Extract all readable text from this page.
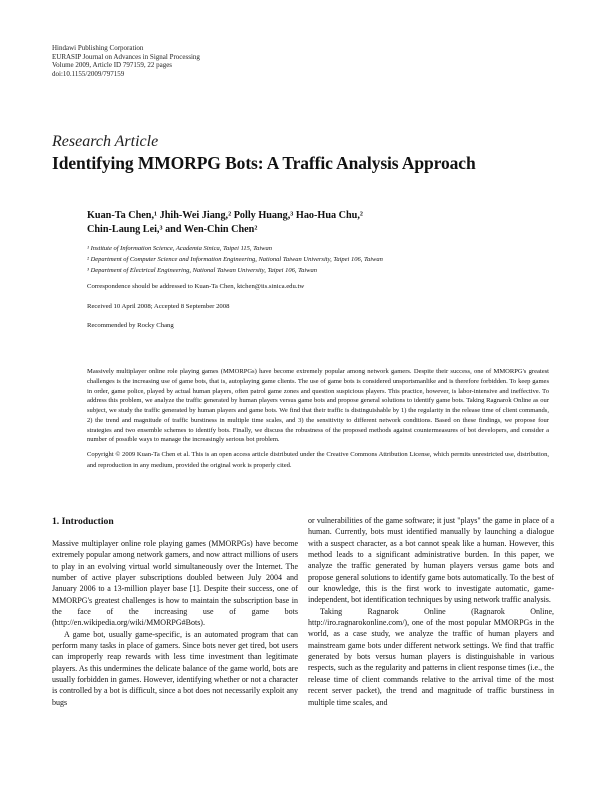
Hindawi Publishing Corporation
EURASIP Journal on Advances in Signal Processing
Volume 2009, Article ID 797159, 22 pages
doi:10.1155/2009/797159
Research Article
Identifying MMORPG Bots: A Traffic Analysis Approach
Kuan-Ta Chen,¹ Jhih-Wei Jiang,² Polly Huang,³ Hao-Hua Chu,²
Chin-Laung Lei,³ and Wen-Chin Chen²
¹ Institute of Information Science, Academia Sinica, Taipei 115, Taiwan
² Department of Computer Science and Information Engineering, National Taiwan University, Taipei 106, Taiwan
³ Department of Electrical Engineering, National Taiwan University, Taipei 106, Taiwan
Correspondence should be addressed to Kuan-Ta Chen, ktchen@iis.sinica.edu.tw
Received 10 April 2008; Accepted 8 September 2008
Recommended by Rocky Chang
Massively multiplayer online role playing games (MMORPGs) have become extremely popular among network gamers. Despite their success, one of MMORPG's greatest challenges is the increasing use of game bots, that is, autoplaying game clients. The use of game bots is considered unsportsmanlike and is therefore forbidden. To keep games in order, game police, played by actual human players, often patrol game zones and question suspicious players. This practice, however, is labor-intensive and ineffective. To address this problem, we analyze the traffic generated by human players versus game bots and propose general solutions to identify game bots. Taking Ragnarok Online as our subject, we study the traffic generated by human players and game bots. We find that their traffic is distinguishable by 1) the regularity in the release time of client commands, 2) the trend and magnitude of traffic burstiness in multiple time scales, and 3) the sensitivity to different network conditions. Based on these findings, we propose four strategies and two ensemble schemes to identify bots. Finally, we discuss the robustness of the proposed methods against countermeasures of bot developers, and consider a number of possible ways to manage the increasingly serious bot problem.
Copyright © 2009 Kuan-Ta Chen et al. This is an open access article distributed under the Creative Commons Attribution License, which permits unrestricted use, distribution, and reproduction in any medium, provided the original work is properly cited.
1. Introduction

Massive multiplayer online role playing games (MMORPGs) have become extremely popular among network gamers, and now attract millions of users to play in an evolving virtual world simultaneously over the Internet. The number of active player subscriptions doubled between July 2004 and January 2006 to a 13-million player base [1]. Despite their success, one of MMORPG's greatest challenges is how to maintain the subscription base in the face of the increasing use of game bots (http://en.wikipedia.org/wiki/MMORPG#Bots).

A game bot, usually game-specific, is an automated program that can perform many tasks in place of gamers. Since bots never get tired, bot users can improperly reap rewards with less time investment than legitimate players. As this undermines the delicate balance of the game world, bots are usually forbidden in games. However, identifying whether or not a character is controlled by a bot is difficult, since a bot does not necessarily exploit any bugs

or vulnerabilities of the game software; it just "plays" the game in place of a human. Currently, bots must identified manually by launching a dialogue with a suspect character, as a bot cannot speak like a human. However, this method leads to a significant administrative burden. In this paper, we analyze the traffic generated by human players versus game bots and propose general solutions to identify game bots automatically. To the best of our knowledge, this is the first work to investigate automatic, game-independent, bot identification techniques by using network traffic analysis.

Taking Ragnarok Online (Ragnarok Online, http://iro.ragnarokonline.com/), one of the most popular MMORPGs in the world, as a case study, we analyze the traffic of human players and mainstream game bots under different network settings. We find that traffic generated by bots versus human players is distinguishable in various respects, such as the regularity and patterns in client response times (i.e., the release time of client commands relative to the arrival time of the most recent server packet), the trend and magnitude of traffic burstiness in multiple time scales, and
